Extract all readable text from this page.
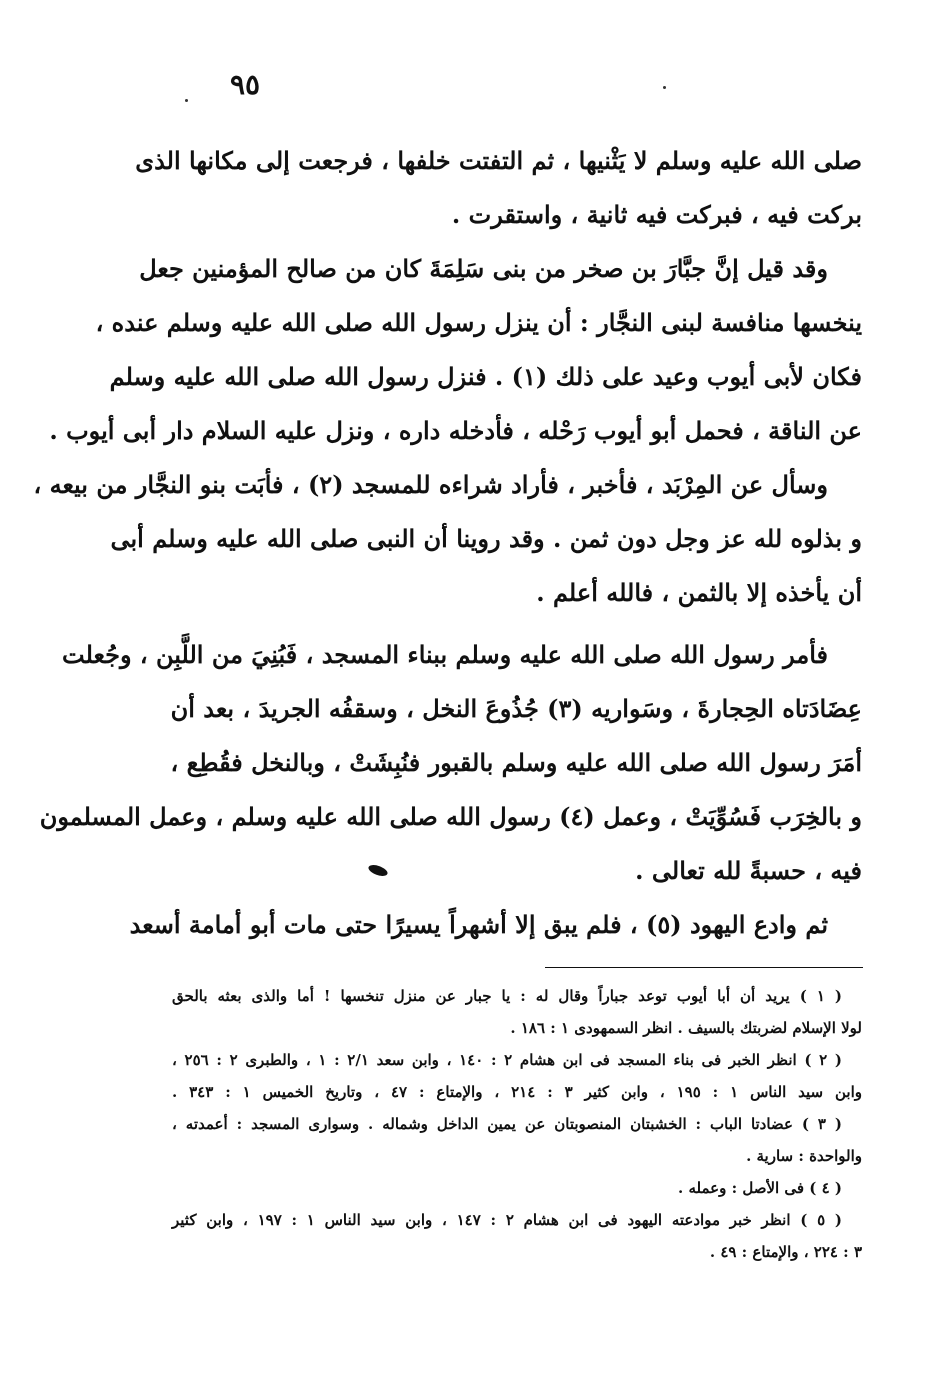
٩٥
صلى الله عليه وسلم لا يَثْنيها ، ثم التفتت خلفها ، فرجعت إلى مكانها الذى
بركت فيه ، فبركت فيه ثانية ، واستقرت .
وقد قيل إنَّ جبَّارَ بن صخر من بنى سَلِمَةَ كان من صالح المؤمنين جعل
ينخسها منافسة لبنى النجَّار : أن ينزل رسول الله صلى الله عليه وسلم عنده ،
فكان لأبى أيوب وعيد على ذلك (١) . فنزل رسول الله صلى الله عليه وسلم
عن الناقة ، فحمل أبو أيوب رَحْله ، فأدخله داره ، ونزل عليه السلام دار أبى أيوب .
وسأل عن المِرْبَد ، فأخبر ، فأراد شراءه للمسجد (٢) ، فأبَت بنو النجَّار من بيعه ،
و بذلوه لله عز وجل دون ثمن . وقد روينا أن النبى صلى الله عليه وسلم أبى
أن يأخذه إلا بالثمن ، فالله أعلم .
فأمر رسول الله صلى الله عليه وسلم ببناء المسجد ، فَبُنِيَ من اللَّبِن ، وجُعلت
عِضَادَتاه الحِجارةَ ، وسَواريه (٣) جُذُوعَ النخل ، وسقفُه الجريدَ ، بعد أن
أمَرَ رسول الله صلى الله عليه وسلم بالقبور فنُبِشَتْ ، وبالنخل فقُطِع ،
و بالخِرَب فَسُوِّيَتْ ، وعمل (٤) رسول الله صلى الله عليه وسلم ، وعمل المسلمون
فيه ، حسبةً لله تعالى .
ثم وادع اليهود (٥) ، فلم يبق إلا أشهراً يسيرًا حتى مات أبو أمامة أسعد
( ١ ) يريد أن أبا أيوب توعد جباراً وقال له : يا جبار عن منزل تنخسها ! أما والذى بعثه بالحق
لولا الإسلام لضربتك بالسيف . انظر السمهودى ١ : ١٨٦ .
( ٢ ) انظر الخبر فى بناء المسجد فى ابن هشام ٢ : ١٤٠ ، وابن سعد ٢/١ : ١ ، والطبرى ٢ : ٢٥٦ ،
وابن سيد الناس ١ : ١٩٥ ، وابن كثير ٣ : ٢١٤ ، والإمتاع : ٤٧ ، وتاريخ الخميس ١ : ٣٤٣ .
( ٣ ) عضادتا الباب : الخشبتان المنصوبتان عن يمين الداخل وشماله . وسوارى المسجد : أعمدته ،
والواحدة : سارية .
( ٤ ) فى الأصل : وعمله .
( ٥ ) انظر خبر موادعته اليهود فى ابن هشام ٢ : ١٤٧ ، وابن سيد الناس ١ : ١٩٧ ، وابن كثير
٣ : ٢٢٤ ، والإمتاع : ٤٩ .
